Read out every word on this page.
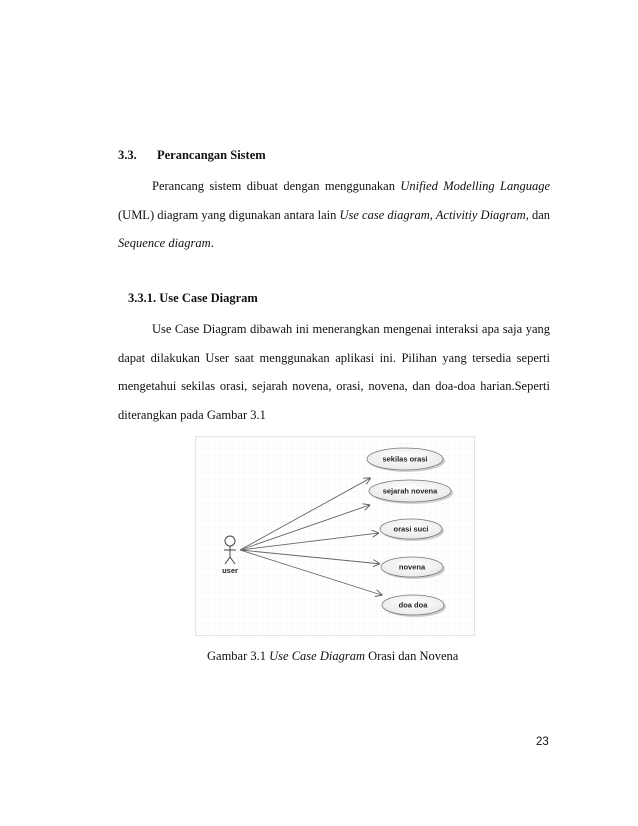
3.3. Perancangan Sistem

Perancang sistem dibuat dengan menggunakan Unified Modelling Language (UML) diagram yang digunakan antara lain Use case diagram, Activitiy Diagram, dan Sequence diagram.

3.3.1. Use Case Diagram

Use Case Diagram dibawah ini menerangkan mengenai interaksi apa saja yang dapat dilakukan User saat menggunakan aplikasi ini. Pilihan yang tersedia seperti mengetahui sekilas orasi, sejarah novena, orasi, novena, dan doa-doa harian.Seperti diterangkan pada Gambar 3.1

user
sekilas orasi
sejarah novena
orasi suci
novena
doa doa
Gambar 3.1 Use Case Diagram Orasi dan Novena
23
